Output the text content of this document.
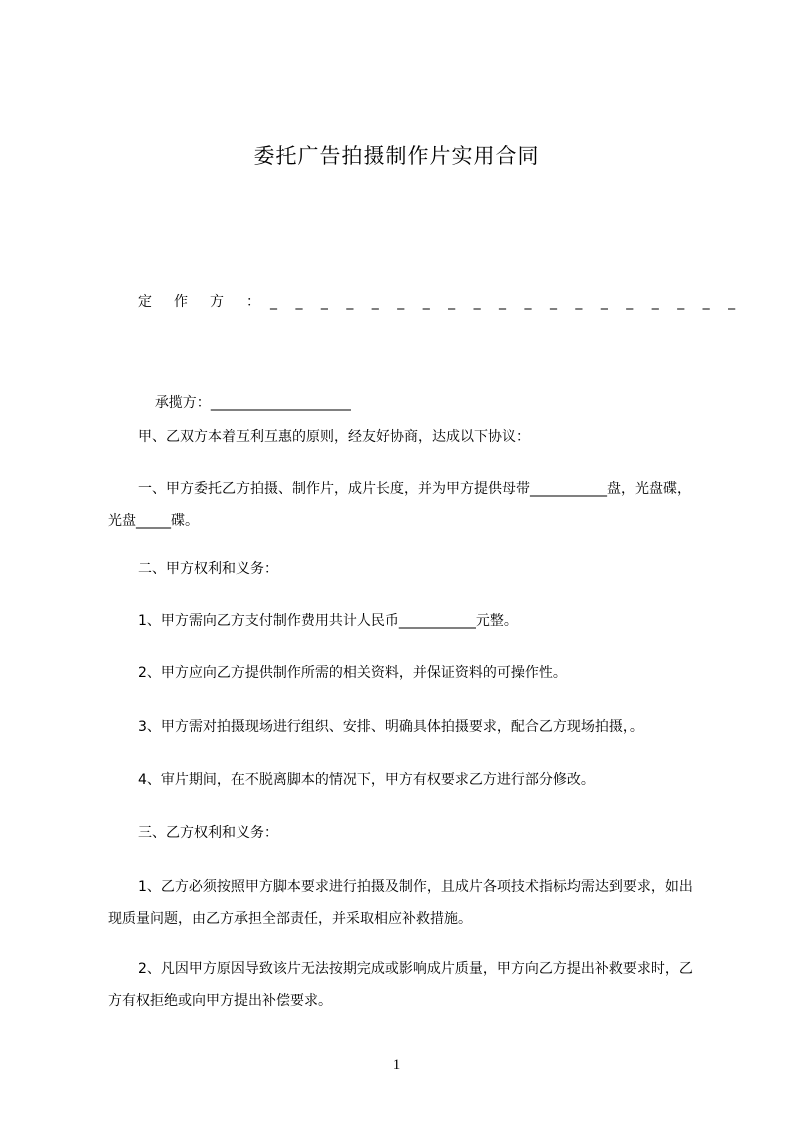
委托广告拍摄制作片实用合同
定作方：
_ _ _ _ _ _ _ _ _ _ _ _ _ _ _ _ _ _ _

承揽方：____________________

甲、乙双方本着互利互惠的原则，经友好协商，达成以下协议：
一、甲方委托乙方拍摄、制作片，成片长度，并为甲方提供母带___________盘，光盘碟，光盘_____碟。
二、甲方权利和义务：
1、甲方需向乙方支付制作费用共计人民币___________元整。
2、甲方应向乙方提供制作所需的相关资料，并保证资料的可操作性。
3、甲方需对拍摄现场进行组织、安排、明确具体拍摄要求，配合乙方现场拍摄，。
4、审片期间，在不脱离脚本的情况下，甲方有权要求乙方进行部分修改。
三、乙方权利和义务：
1、乙方必须按照甲方脚本要求进行拍摄及制作，且成片各项技术指标均需达到要求，如出现质量问题，由乙方承担全部责任，并采取相应补救措施。
2、凡因甲方原因导致该片无法按期完成或影响成片质量，甲方向乙方提出补救要求时，乙方有权拒绝或向甲方提出补偿要求。
1
